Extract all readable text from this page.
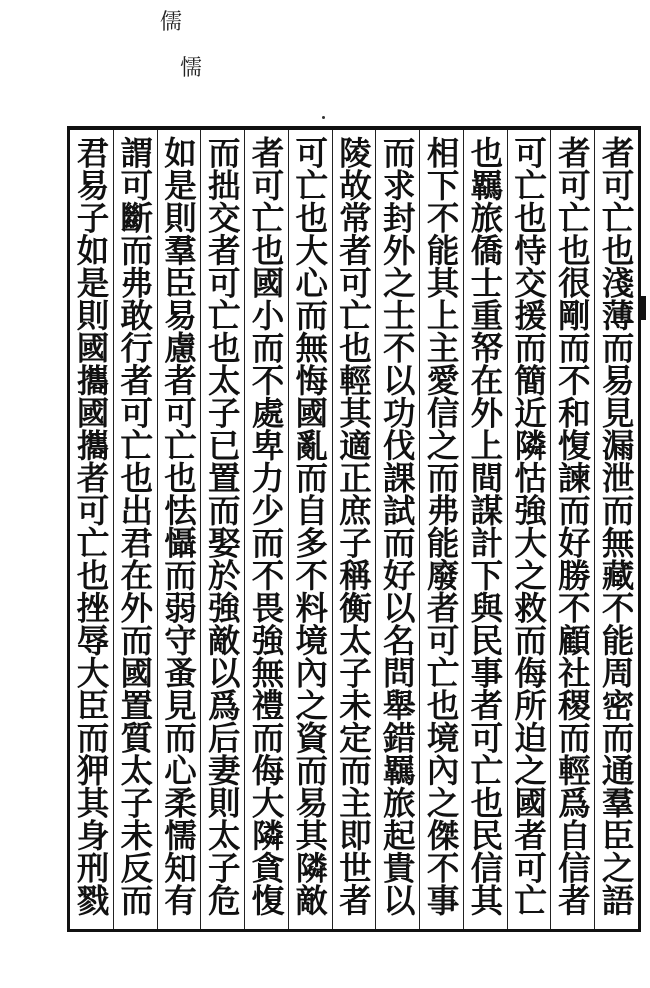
儒
懦
者可亡也淺薄而易見漏泄而無藏不能周密而通羣臣之語
者可亡也很剛而不和愎諫而好勝不顧社稷而輕爲自信者
可亡也恃交援而簡近隣怙強大之救而侮所迫之國者可亡
也羈旅僑士重帑在外上間謀計下與民事者可亡也民信其
相下不能其上主愛信之而弗能廢者可亡也境內之傑不事
而求封外之士不以功伐課試而好以名問舉錯羈旅起貴以
陵故常者可亡也輕其適正庶子稱衡太子未定而主即世者
可亡也大心而無悔國亂而自多不料境內之資而易其隣敵
者可亡也國小而不處卑力少而不畏強無禮而侮大隣貪愎
而拙交者可亡也太子已置而娶於強敵以爲后妻則太子危
如是則羣臣易慮者可亡也怯懾而弱守蚤見而心柔懦知有
謂可斷而弗敢行者可亡也出君在外而國置質太子未反而
君易子如是則國攜國攜者可亡也挫辱大臣而狎其身刑戮
